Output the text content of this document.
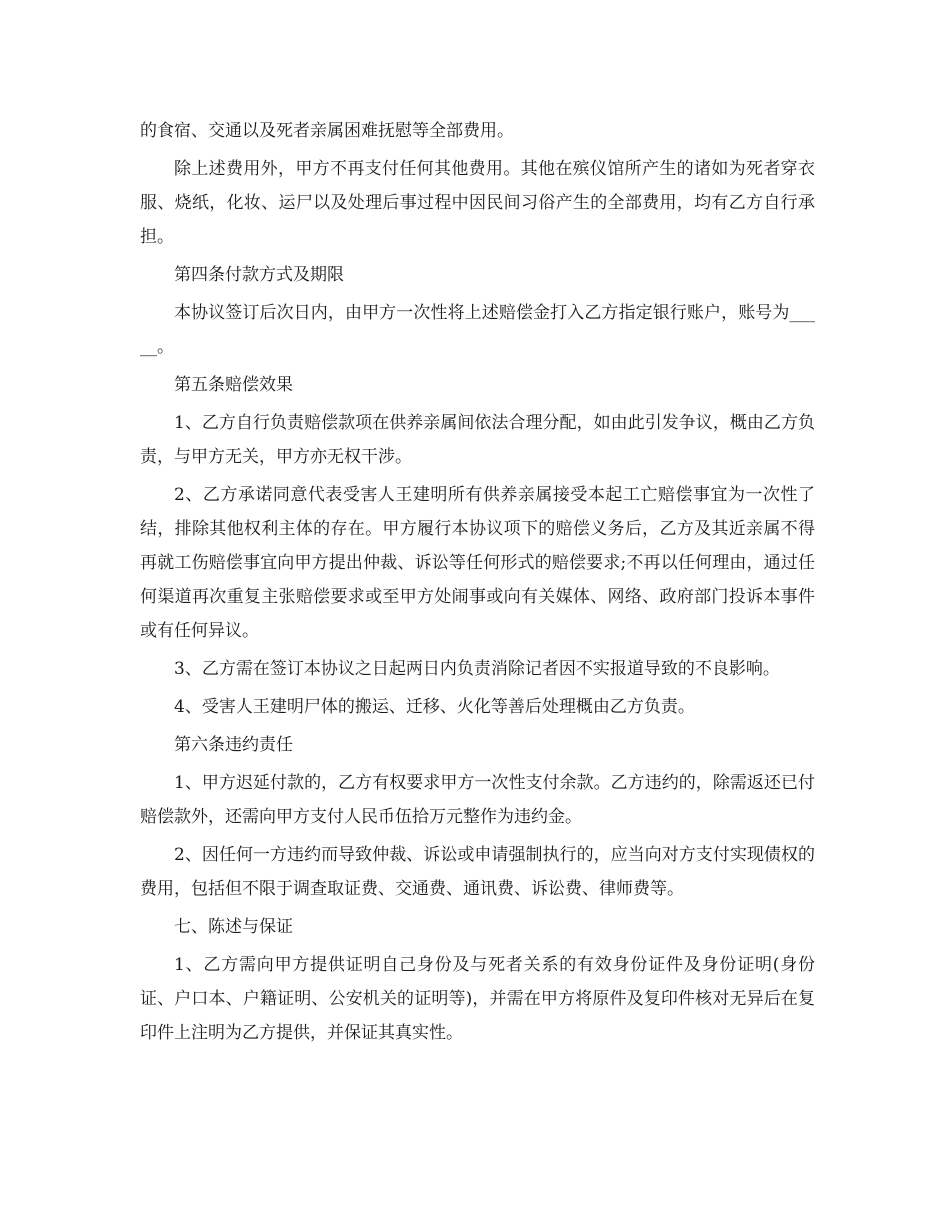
的食宿、交通以及死者亲属困难抚慰等全部费用。

除上述费用外，甲方不再支付任何其他费用。其他在殡仪馆所产生的诸如为死者穿衣服、烧纸，化妆、运尸以及处理后事过程中因民间习俗产生的全部费用，均有乙方自行承担。

第四条付款方式及期限

本协议签订后次日内，由甲方一次性将上述赔偿金打入乙方指定银行账户，账号为_____。

第五条赔偿效果

1、乙方自行负责赔偿款项在供养亲属间依法合理分配，如由此引发争议，概由乙方负责，与甲方无关，甲方亦无权干涉。

2、乙方承诺同意代表受害人王建明所有供养亲属接受本起工亡赔偿事宜为一次性了结，排除其他权利主体的存在。甲方履行本协议项下的赔偿义务后，乙方及其近亲属不得再就工伤赔偿事宜向甲方提出仲裁、诉讼等任何形式的赔偿要求;不再以任何理由，通过任何渠道再次重复主张赔偿要求或至甲方处闹事或向有关媒体、网络、政府部门投诉本事件或有任何异议。

3、乙方需在签订本协议之日起两日内负责消除记者因不实报道导致的不良影响。

4、受害人王建明尸体的搬运、迁移、火化等善后处理概由乙方负责。

第六条违约责任

1、甲方迟延付款的，乙方有权要求甲方一次性支付余款。乙方违约的，除需返还已付赔偿款外，还需向甲方支付人民币伍拾万元整作为违约金。

2、因任何一方违约而导致仲裁、诉讼或申请强制执行的，应当向对方支付实现债权的费用，包括但不限于调查取证费、交通费、通讯费、诉讼费、律师费等。

七、陈述与保证

1、乙方需向甲方提供证明自己身份及与死者关系的有效身份证件及身份证明(身份证、户口本、户籍证明、公安机关的证明等)，并需在甲方将原件及复印件核对无异后在复印件上注明为乙方提供，并保证其真实性。
